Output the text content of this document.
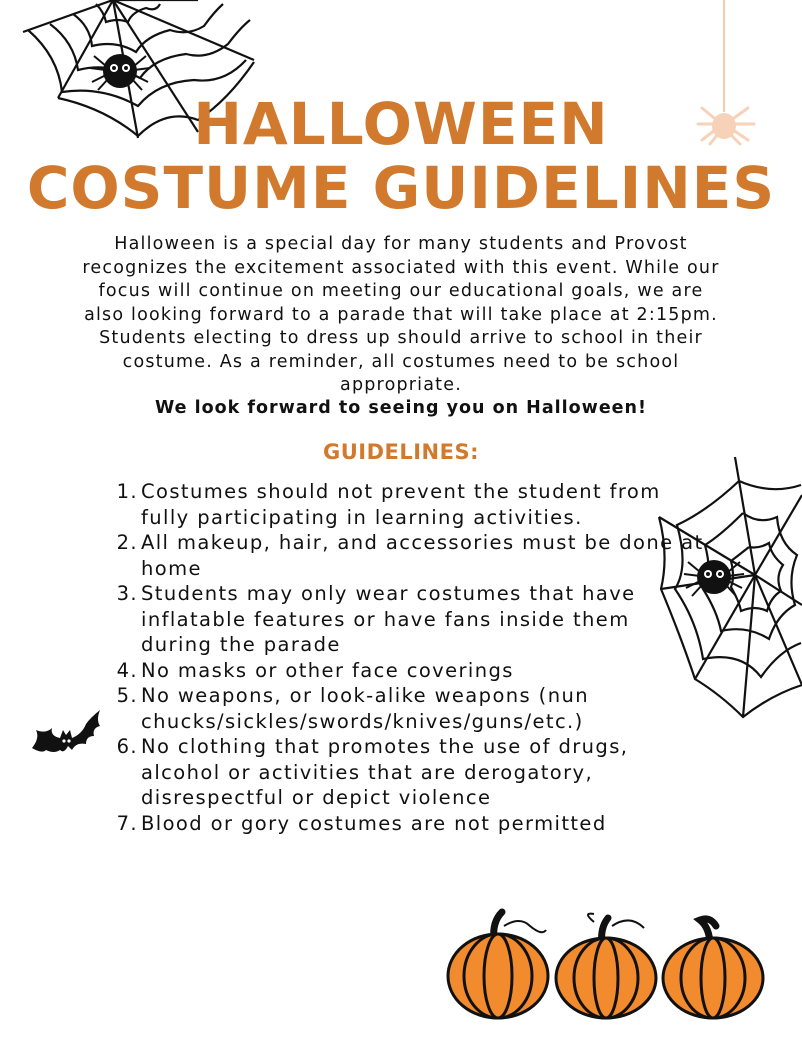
HALLOWEEN
COSTUME GUIDELINES

Halloween is a special day for many students and Provost recognizes the excitement associated with this event. While our focus will continue on meeting our educational goals, we are also looking forward to a parade that will take place at 2:15pm. Students electing to dress up should arrive to school in their costume. As a reminder, all costumes need to be school appropriate.

We look forward to seeing you on Halloween!

GUIDELINES:
1. Costumes should not prevent the student from fully participating in learning activities.
2. All makeup, hair, and accessories must be done at home
3. Students may only wear costumes that have inflatable features or have fans inside them during the parade
4. No masks or other face coverings
5. No weapons, or look-alike weapons (nun chucks/sickles/swords/knives/guns/etc.)
6. No clothing that promotes the use of drugs, alcohol or activities that are derogatory, disrespectful or depict violence
7. Blood or gory costumes are not permitted
